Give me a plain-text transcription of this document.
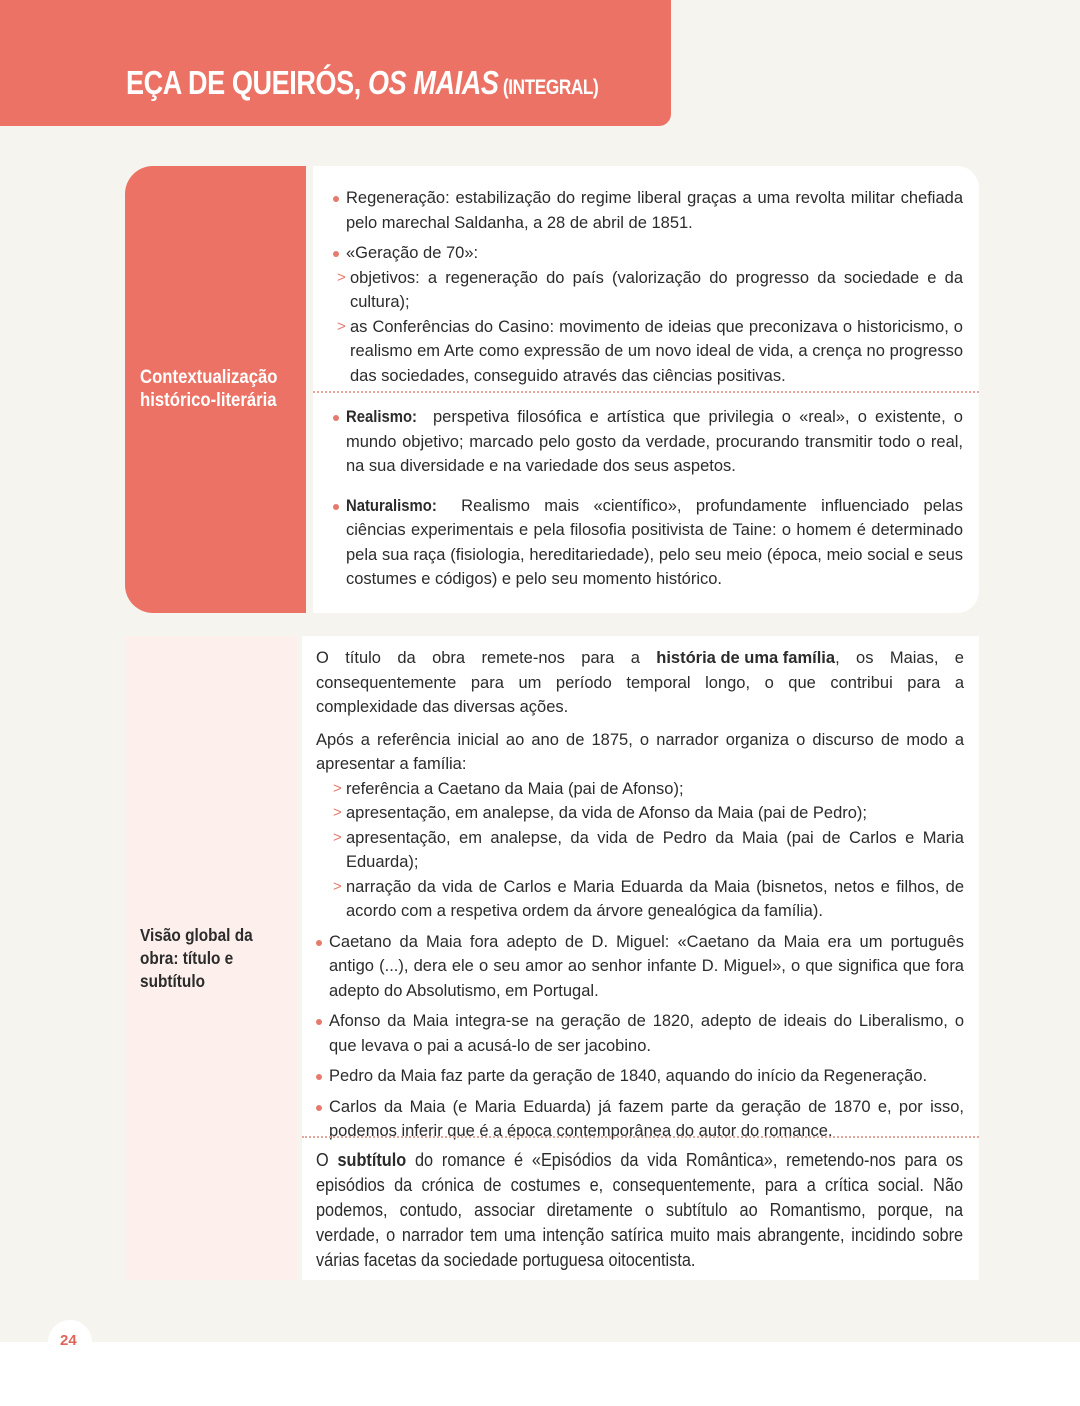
EÇA DE QUEIRÓS, OS MAIAS (INTEGRAL)
Contextualização histórico-literária
Regeneração: estabilização do regime liberal graças a uma revolta militar chefiada pelo marechal Saldanha, a 28 de abril de 1851.
«Geração de 70»:
> objetivos: a regeneração do país (valorização do progresso da sociedade e da cultura);
> as Conferências do Casino: movimento de ideias que preconizava o historicismo, o realismo em Arte como expressão de um novo ideal de vida, a crença no progresso das sociedades, conseguido através das ciências positivas.
Realismo: perspetiva filosófica e artística que privilegia o «real», o existente, o mundo objetivo; marcado pelo gosto da verdade, procurando transmitir todo o real, na sua diversidade e na variedade dos seus aspetos.
Naturalismo: Realismo mais «científico», profundamente influenciado pelas ciências experimentais e pela filosofia positivista de Taine: o homem é determinado pela sua raça (fisiologia, hereditariedade), pelo seu meio (época, meio social e seus costumes e códigos) e pelo seu momento histórico.
Visão global da obra: título e subtítulo
O título da obra remete-nos para a história de uma família, os Maias, e consequentemente para um período temporal longo, o que contribui para a complexidade das diversas ações.
Após a referência inicial ao ano de 1875, o narrador organiza o discurso de modo a apresentar a família:
> referência a Caetano da Maia (pai de Afonso);
> apresentação, em analepse, da vida de Afonso da Maia (pai de Pedro);
> apresentação, em analepse, da vida de Pedro da Maia (pai de Carlos e Maria Eduarda);
> narração da vida de Carlos e Maria Eduarda da Maia (bisnetos, netos e filhos, de acordo com a respetiva ordem da árvore genealógica da família).
Caetano da Maia fora adepto de D. Miguel: «Caetano da Maia era um português antigo (...), dera ele o seu amor ao senhor infante D. Miguel», o que significa que fora adepto do Absolutismo, em Portugal.
Afonso da Maia integra-se na geração de 1820, adepto de ideais do Liberalismo, o que levava o pai a acusá-lo de ser jacobino.
Pedro da Maia faz parte da geração de 1840, aquando do início da Regeneração.
Carlos da Maia (e Maria Eduarda) já fazem parte da geração de 1870 e, por isso, podemos inferir que é a época contemporânea do autor do romance.
O subtítulo do romance é «Episódios da vida Romântica», remetendo-nos para os episódios da crónica de costumes e, consequentemente, para a crítica social. Não podemos, contudo, associar diretamente o subtítulo ao Romantismo, porque, na verdade, o narrador tem uma intenção satírica muito mais abrangente, incidindo sobre várias facetas da sociedade portuguesa oitocentista.
24
